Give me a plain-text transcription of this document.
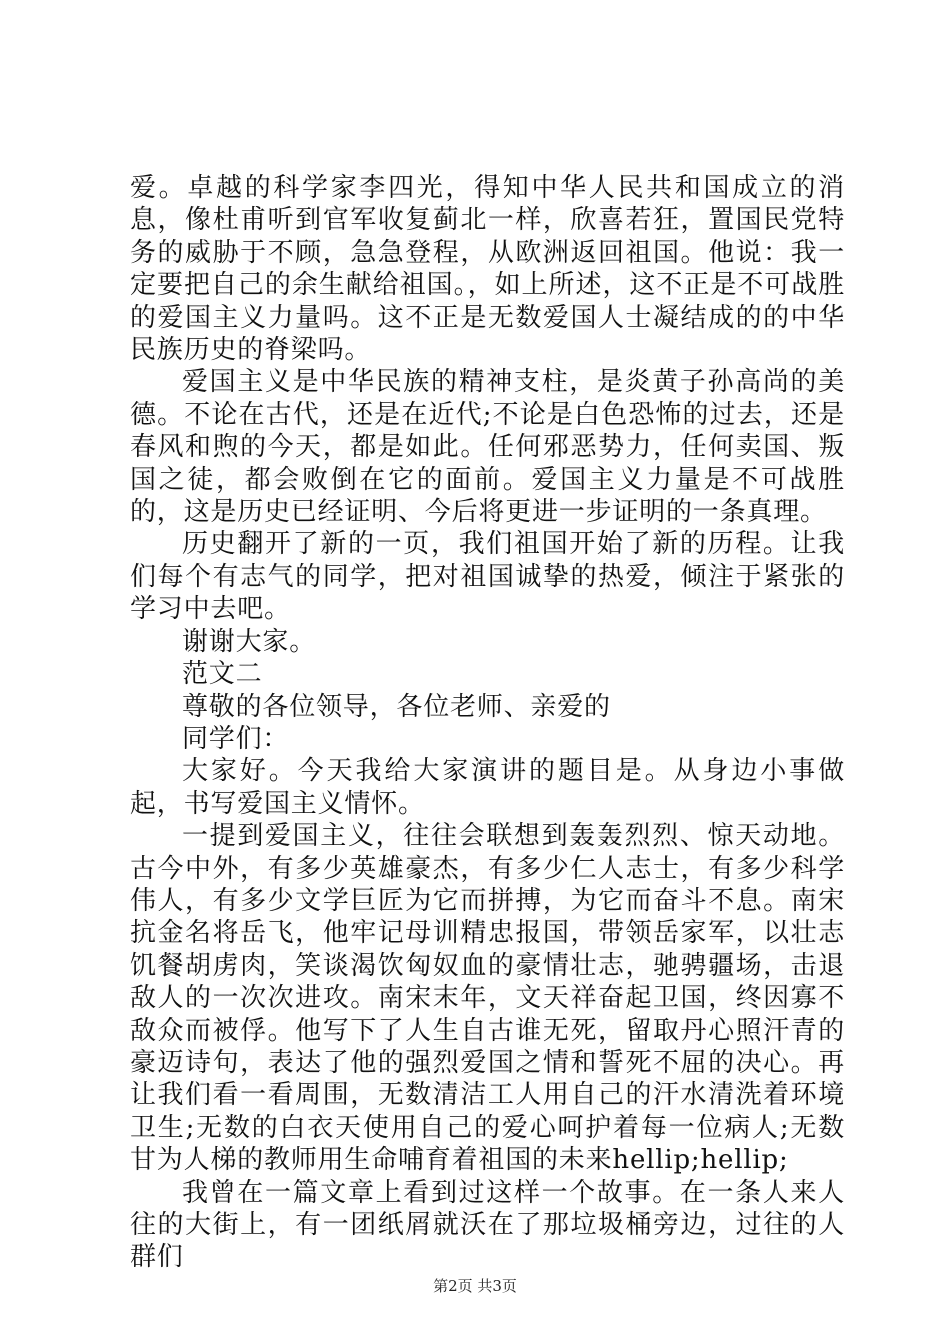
爱。卓越的科学家李四光，得知中华人民共和国成立的消息，像杜甫听到官军收复蓟北一样，欣喜若狂，置国民党特务的威胁于不顾，急急登程，从欧洲返回祖国。他说：我一定要把自己的余生献给祖国。，如上所述，这不正是不可战胜的爱国主义力量吗。这不正是无数爱国人士凝结成的的中华民族历史的脊梁吗。

爱国主义是中华民族的精神支柱，是炎黄子孙高尚的美德。不论在古代，还是在近代;不论是白色恐怖的过去，还是春风和煦的今天，都是如此。任何邪恶势力，任何卖国、叛国之徒，都会败倒在它的面前。爱国主义力量是不可战胜的，这是历史已经证明、今后将更进一步证明的一条真理。

历史翻开了新的一页，我们祖国开始了新的历程。让我们每个有志气的同学，把对祖国诚挚的热爱，倾注于紧张的学习中去吧。

谢谢大家。

范文二

尊敬的各位领导，各位老师、亲爱的

同学们：

大家好。今天我给大家演讲的题目是。从身边小事做起，书写爱国主义情怀。

一提到爱国主义，往往会联想到轰轰烈烈、惊天动地。古今中外，有多少英雄豪杰，有多少仁人志士，有多少科学伟人，有多少文学巨匠为它而拼搏，为它而奋斗不息。南宋抗金名将岳飞，他牢记母训精忠报国，带领岳家军，以壮志饥餐胡虏肉，笑谈渴饮匈奴血的豪情壮志，驰骋疆场，击退敌人的一次次进攻。南宋末年，文天祥奋起卫国，终因寡不敌众而被俘。他写下了人生自古谁无死，留取丹心照汗青的豪迈诗句，表达了他的强烈爱国之情和誓死不屈的决心。再让我们看一看周围，无数清洁工人用自己的汗水清洗着环境卫生;无数的白衣天使用自己的爱心呵护着每一位病人;无数甘为人梯的教师用生命哺育着祖国的未来hellip;hellip;

我曾在一篇文章上看到过这样一个故事。在一条人来人往的大街上，有一团纸屑就沃在了那垃圾桶旁边，过往的人群们

第2页 共3页
